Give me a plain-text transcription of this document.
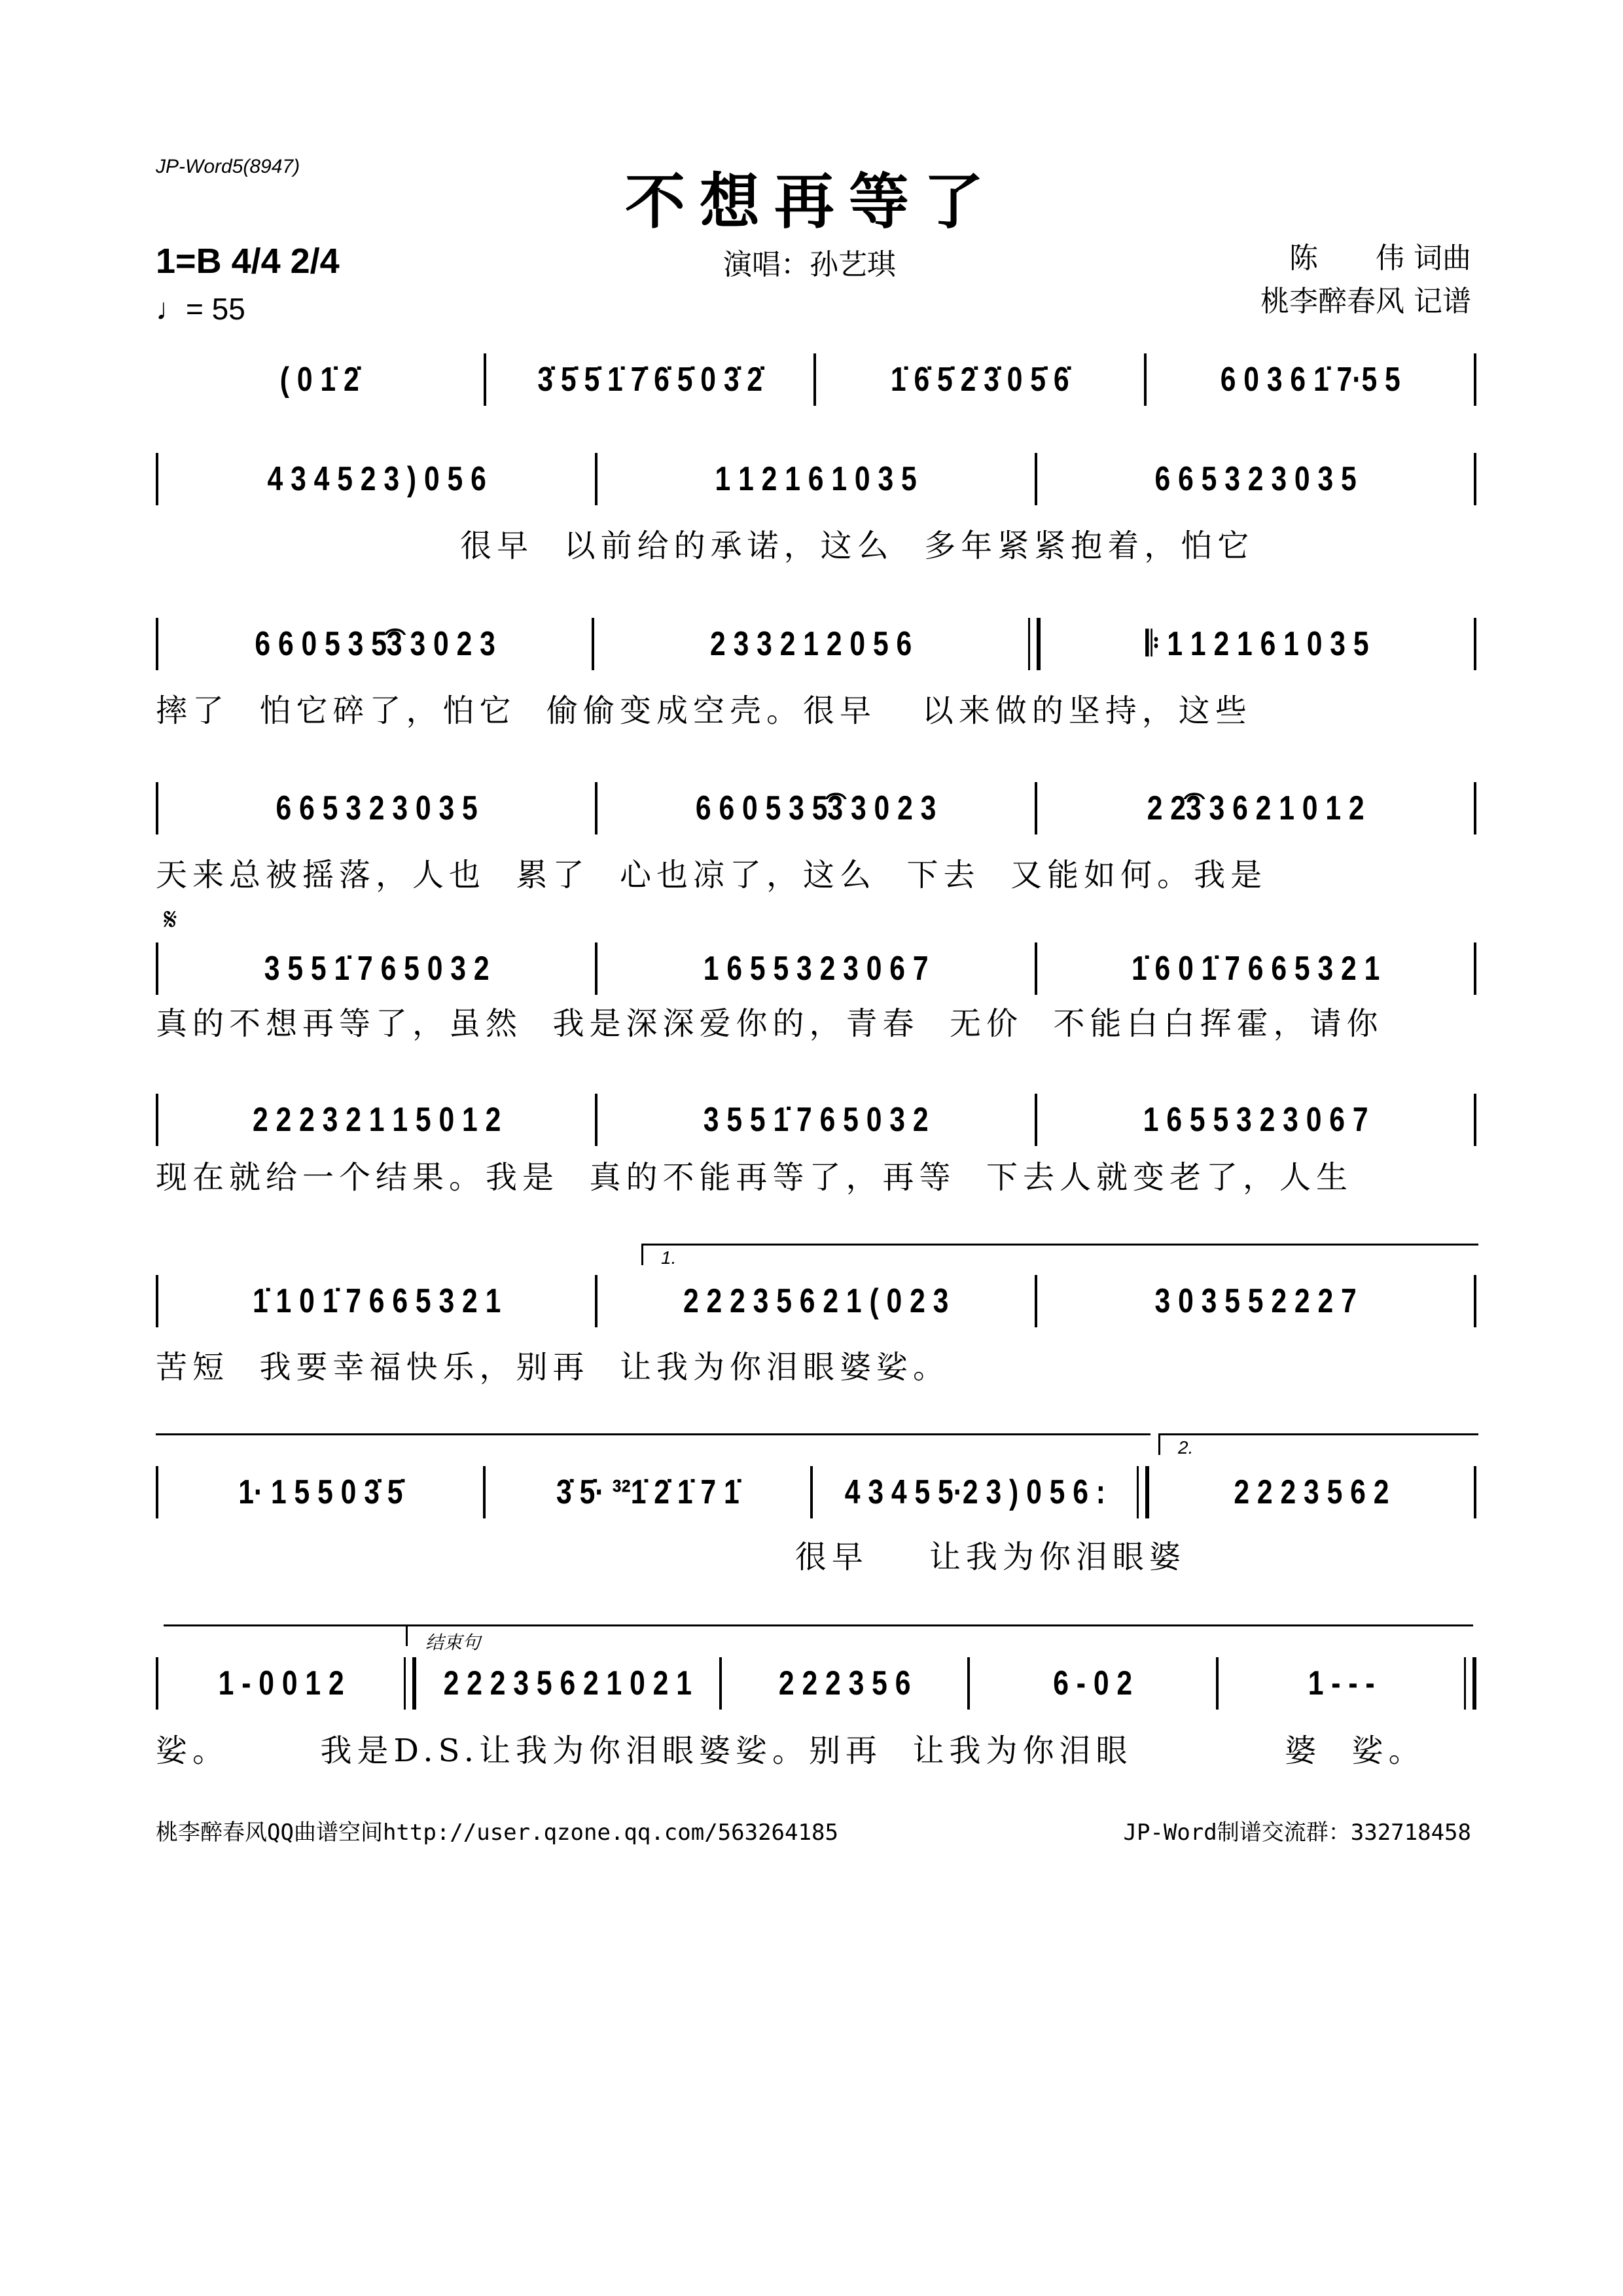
JP-Word5(8947)	不想再等了
1=B 4/4 2/4
♩= 55
演唱：孙艺琪	陈　　伟 词曲
桃李醉春风 记谱
( 0 1̇ 2̇	3̇ 5̇ 5̇ 1̇ 7̇ 6̇ 5̇ 0 3̇ 2̇	1̇ 6̇ 5̇ 2̇ 3̇ 0 5̇ 6̇	6 0 3 6 1̇ 7·5 5
4 3 4 5 2 3 ) 0 5 6	1 1 2 1 6 1 0 3 5	6 6 5 3 2 3 0 3 5
很早  以前给的承诺，这么  多年紧紧抱着，怕它
6 6 0 5 3 5͡3 3 0 2 3	2 3 3 2 1 2 0 5 6	𝄆 1 1 2 1 6 1 0 3 5
摔了  怕它碎了，怕它  偷偷变成空壳。很早   以来做的坚持，这些
6 6 5 3 2 3 0 3 5	6 6 0 5 3 5͡3 3 0 2 3	2 2͡3 3 6 2 1 0 1 2
天来总被摇落，人也  累了  心也凉了，这么  下去  又能如何。我是
3 5 5 1̇ 7 6 5 0 3 2	1 6 5 5 3 2 3 0 6 7	1̇ 6 0 1̇ 7 6 6 5 3 2 1
真的不想再等了，虽然  我是深深爱你的，青春  无价  不能白白挥霍，请你
𝄋
2 2 2 3 2 1 1 5 0 1 2	3 5 5 1̇ 7 6 5 0 3 2	1 6 5 5 3 2 3 0 6 7
现在就给一个结果。我是  真的不能再等了，再等  下去人就变老了，人生
1̇ 1 0 1̇ 7 6 6 5 3 2 1	2 2 2 3 5 6 2 1 ( 0 2 3	3 0 3 5 5 2 2 2 7
苦短  我要幸福快乐，别再  让我为你泪眼婆娑。
1.
1· 1 5 5 0 3̇ 5̇	3̇ 5̇· ³²1̇ 2̇ 1̇ 7 1̇	4 3 4 5 5·2 3 ) 0 5 6 :	2 2 2 3 5 6 2
很早    让我为你泪眼婆
2.
1 - 0 0 1 2	2 2 2 3 5 6 2 1 0 2 1	2 2 2 3 5 6	6 - 0 2	1 - - -
娑。      我是D.S.让我为你泪眼婆娑。别再  让我为你泪眼          婆  娑。
结束句
桃李醉春风QQ曲谱空间http://user.qzone.qq.com/563264185	JP-Word制谱交流群：332718458
